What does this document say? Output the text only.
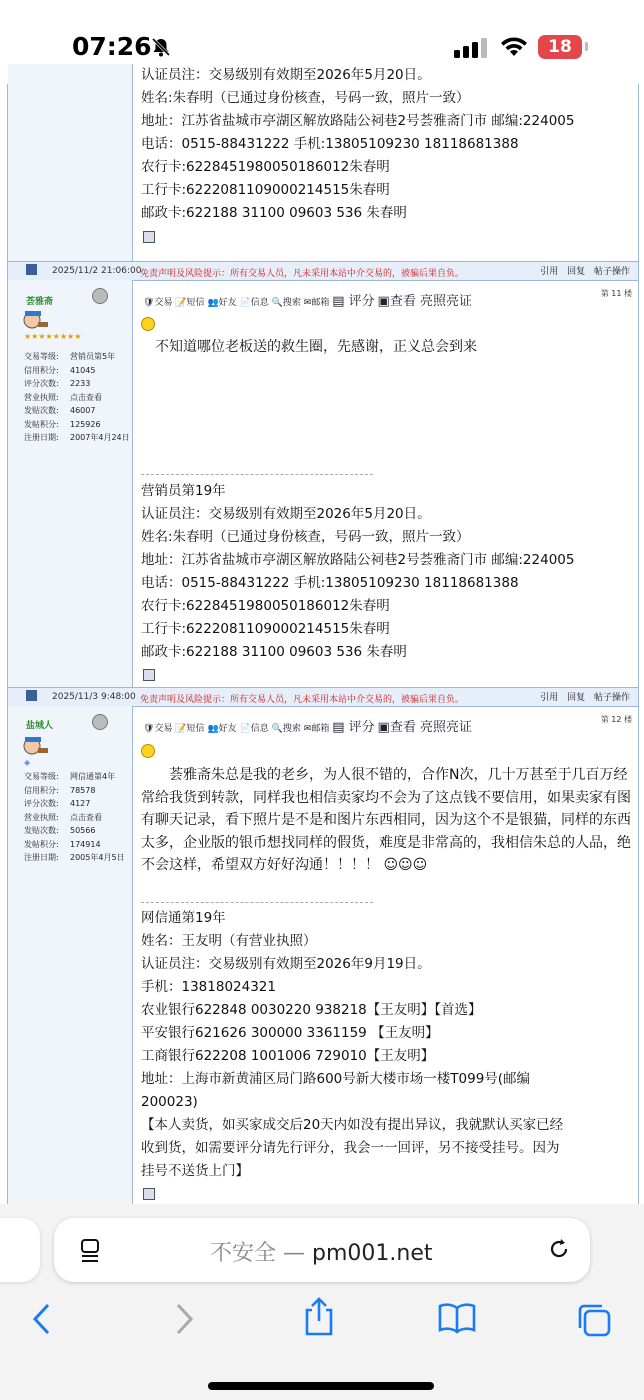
07:26	18
认证员注：交易级别有效期至2026年5月20日。
姓名:朱春明（已通过身份核查，号码一致，照片一致）
地址：江苏省盐城市亭湖区解放路陆公祠巷2号荟雅斋门市 邮编:224005
电话：0515-88431222 手机:13805109230 18118681388
农行卡:6228451980050186012朱春明
工行卡:6222081109000214515朱春明
邮政卡:622188 31100 09603 536 朱春明
2025/11/2 21:06:00
免责声明及风险提示：所有交易人员，凡未采用本站中介交易的，被骗后果自负。	引用 回复 帖子操作
荟雅斋
★★★★★★★★
交易等级: 营销员第5年
信用积分: 41045
评分次数: 2233
营业执照: 点击查看
发贴次数: 46007
发帖积分: 125926
注册日期: 2007年4月24日
🛡交易 📝短信 👥好友 📄信息 🔍搜索 ✉邮箱 ▤ 评分 ▣查看 亮照亮证
第 11 楼
不知道哪位老板送的救生圈，先感谢，正义总会到来
营销员第19年
认证员注：交易级别有效期至2026年5月20日。
姓名:朱春明（已通过身份核查，号码一致，照片一致）
地址：江苏省盐城市亭湖区解放路陆公祠巷2号荟雅斋门市 邮编:224005
电话：0515-88431222 手机:13805109230 18118681388
农行卡:6228451980050186012朱春明
工行卡:6222081109000214515朱春明
邮政卡:622188 31100 09603 536 朱春明
2025/11/3 9:48:00 免责声明及风险提示：所有交易人员，凡未采用本站中介交易的，被骗后果自负。	引用 回复 帖子操作
盐城人
◈
交易等级: 网信通第4年
信用积分: 78578
评分次数: 4127
营业执照: 点击查看
发贴次数: 50566
发帖积分: 174914
注册日期: 2005年4月5日
🛡交易 📝短信 👥好友 📄信息 🔍搜索 ✉邮箱 ▤ 评分 ▣查看 亮照亮证
第 12 楼
荟雅斋朱总是我的老乡，为人很不错的，合作N次，几十万甚至于几百万经常给我货到转款，同样我也相信卖家均不会为了这点钱不要信用，如果卖家有图有聊天记录，看下照片是不是和图片东西相同，因为这个不是银猫，同样的东西太多，企业版的银币想找同样的假货，难度是非常高的，我相信朱总的人品，绝不会这样，希望双方好好沟通！！！！ ☺☺☺
网信通第19年
姓名：王友明（有营业执照）
认证员注：交易级别有效期至2026年9月19日。
手机：13818024321
农业银行622848 0030220 938218【王友明】【首选】
平安银行621626 300000 3361159 【王友明】
工商银行622208 1001006 729010【王友明】
地址：上海市新黄浦区局门路600号新大楼市场一楼T099号(邮编
200023)
【本人卖货，如买家成交后20天内如没有提出异议，我就默认买家已经
收到货，如需要评分请先行评分，我会一一回评，另不接受挂号。因为
挂号不送货上门】
不安全 — pm001.net
